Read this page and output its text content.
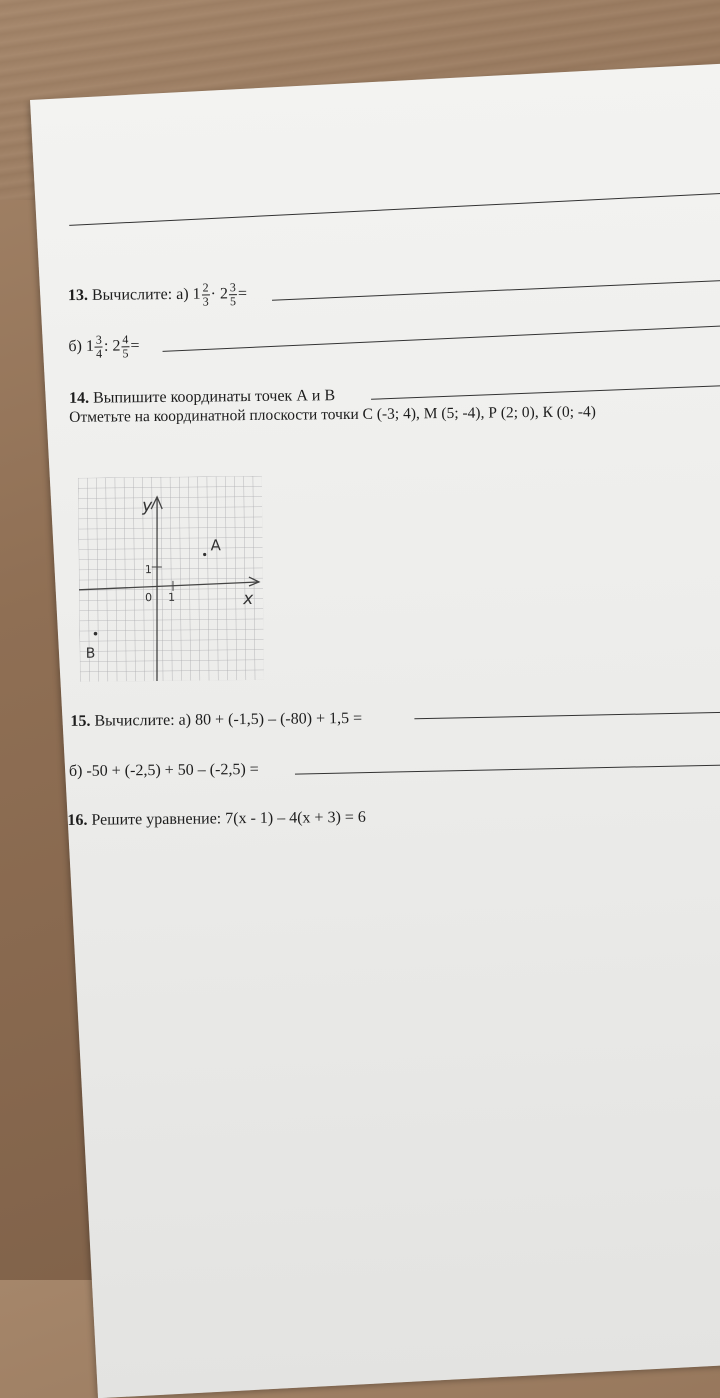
13. Вычислите: а) $1 \frac{2}{3} \cdot 2 \frac{3}{5}$ =
б) $1 \frac{3}{4}$ : $2 \frac{4}{5}$ =
14. Выпишите координаты точек А и В
Отметьте на координатной плоскости точки С (-3; 4), М (5; -4), Р (2; 0), К (0; -4)
y
x
0 1
1
A
B
15. Вычислите: а) 80 + (-1,5) – (-80) + 1,5 =
б) -50 + (-2,5) + 50 – (-2,5) =
16. Решите уравнение: 7(x - 1) – 4(x + 3) = 6
